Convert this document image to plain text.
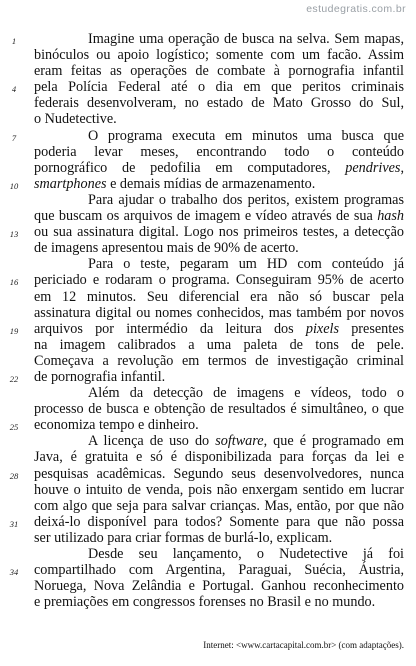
estudegratis.com.br
1	Imagine uma operação de busca na selva. Sem mapas,
binóculos ou apoio logístico; somente com um facão. Assim
eram feitas as operações de combate à pornografia infantil
4	pela Polícia Federal até o dia em que peritos criminais
federais desenvolveram, no estado de Mato Grosso do Sul,
o Nudetective.
7	O programa executa em minutos uma busca que
poderia levar meses, encontrando todo o conteúdo
pornográfico de pedofilia em computadores, pendrives,
10	smartphones e demais mídias de armazenamento.
Para ajudar o trabalho dos peritos, existem programas
que buscam os arquivos de imagem e vídeo através de sua hash
13	ou sua assinatura digital. Logo nos primeiros testes, a detecção
de imagens apresentou mais de 90% de acerto.
Para o teste, pegaram um HD com conteúdo já
16	periciado e rodaram o programa. Conseguiram 95% de acerto
em 12 minutos. Seu diferencial era não só buscar pela
assinatura digital ou nomes conhecidos, mas também por novos
19	arquivos por intermédio da leitura dos pixels presentes
na imagem calibrados a uma paleta de tons de pele.
Começava a revolução em termos de investigação criminal
22	de pornografia infantil.
Além da detecção de imagens e vídeos, todo o
processo de busca e obtenção de resultados é simultâneo, o que
25	economiza tempo e dinheiro.
A licença de uso do software, que é programado em
Java, é gratuita e só é disponibilizada para forças da lei e
28	pesquisas acadêmicas. Segundo seus desenvolvedores, nunca
houve o intuito de venda, pois não enxergam sentido em lucrar
com algo que seja para salvar crianças. Mas, então, por que não
31	deixá-lo disponível para todos? Somente para que não possa
ser utilizado para criar formas de burlá-lo, explicam.
Desde seu lançamento, o Nudetective já foi
34	compartilhado com Argentina, Paraguai, Suécia, Áustria,
Noruega, Nova Zelândia e Portugal. Ganhou reconhecimento
e premiações em congressos forenses no Brasil e no mundo.
Internet: <www.cartacapital.com.br> (com adaptações).
